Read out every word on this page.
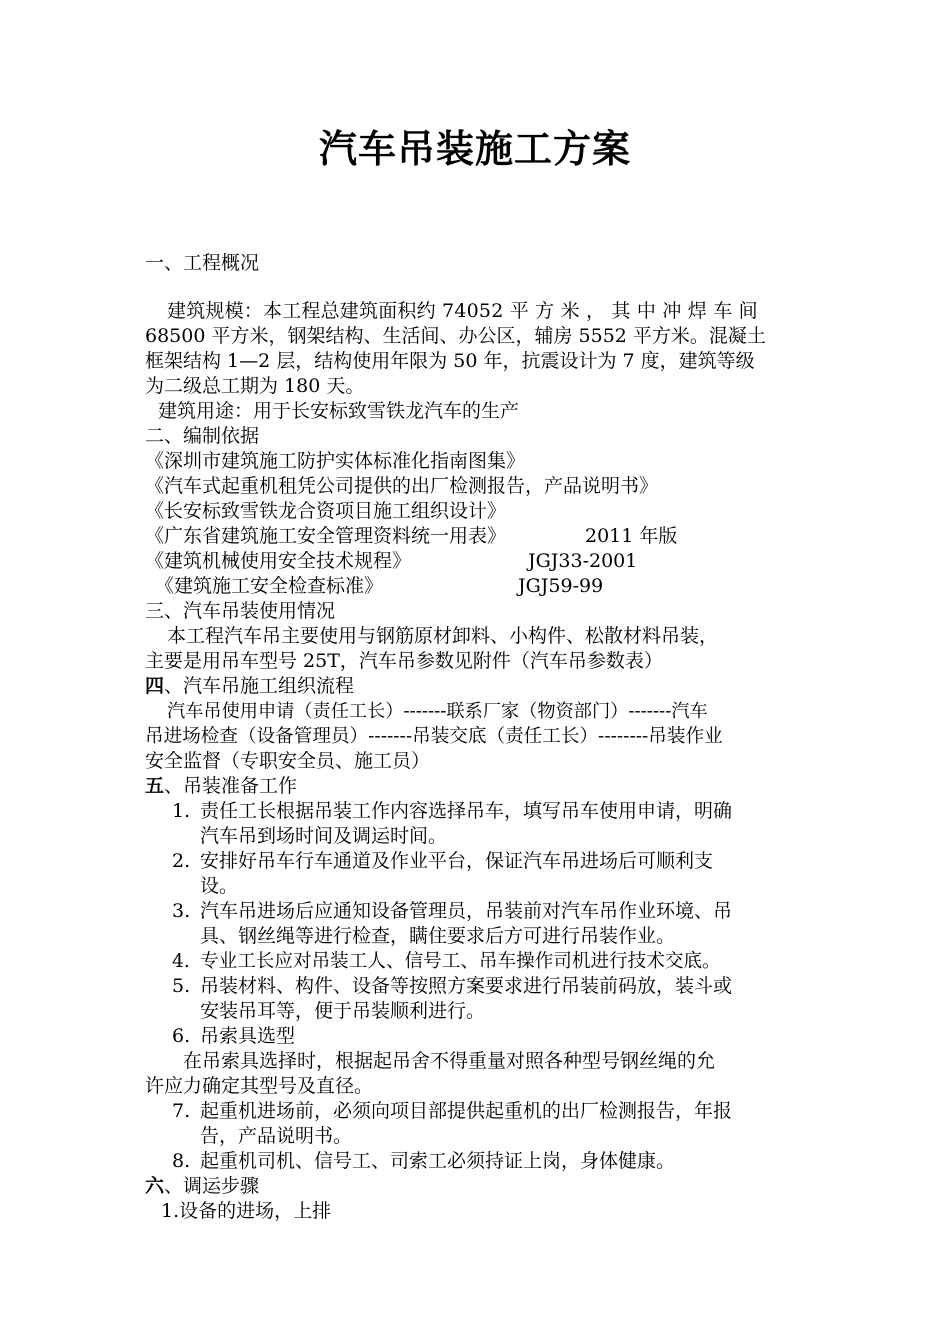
汽车吊装施工方案
一、工程概况
建筑规模：本工程总建筑面积约 74052 平 方 米 ， 其 中 冲 焊 车 间
68500 平方米，钢架结构、生活间、办公区，辅房 5552 平方米。混凝土
框架结构 1—2 层，结构使用年限为 50 年，抗震设计为 7 度，建筑等级
为二级总工期为 180 天。
建筑用途：用于长安标致雪铁龙汽车的生产
二、编制依据
《深圳市建筑施工防护实体标准化指南图集》
《汽车式起重机租凭公司提供的出厂检测报告，产品说明书》
《长安标致雪铁龙合资项目施工组织设计》
《广东省建筑施工安全管理资料统一用表》	2011 年版
《建筑机械使用安全技术规程》	JGJ33-2001
《建筑施工安全检查标准》	JGJ59-99
三、汽车吊装使用情况
本工程汽车吊主要使用与钢筋原材卸料、小构件、松散材料吊装，
主要是用吊车型号 25T，汽车吊参数见附件（汽车吊参数表）
四、汽车吊施工组织流程
汽车吊使用申请（责任工长）-------联系厂家（物资部门）-------汽车
吊进场检查（设备管理员）-------吊装交底（责任工长）--------吊装作业
安全监督（专职安全员、施工员）
五、吊装准备工作
1. 责任工长根据吊装工作内容选择吊车，填写吊车使用申请，明确
汽车吊到场时间及调运时间。
2. 安排好吊车行车通道及作业平台，保证汽车吊进场后可顺利支
设。
3. 汽车吊进场后应通知设备管理员，吊装前对汽车吊作业环境、吊
具、钢丝绳等进行检查，瞒住要求后方可进行吊装作业。
4. 专业工长应对吊装工人、信号工、吊车操作司机进行技术交底。
5. 吊装材料、构件、设备等按照方案要求进行吊装前码放，装斗或
安装吊耳等，便于吊装顺利进行。
6. 吊索具选型
在吊索具选择时，根据起吊舍不得重量对照各种型号钢丝绳的允
许应力确定其型号及直径。
7. 起重机进场前，必须向项目部提供起重机的出厂检测报告，年报
告，产品说明书。
8. 起重机司机、信号工、司索工必须持证上岗，身体健康。
六、调运步骤
1.设备的进场，上排
